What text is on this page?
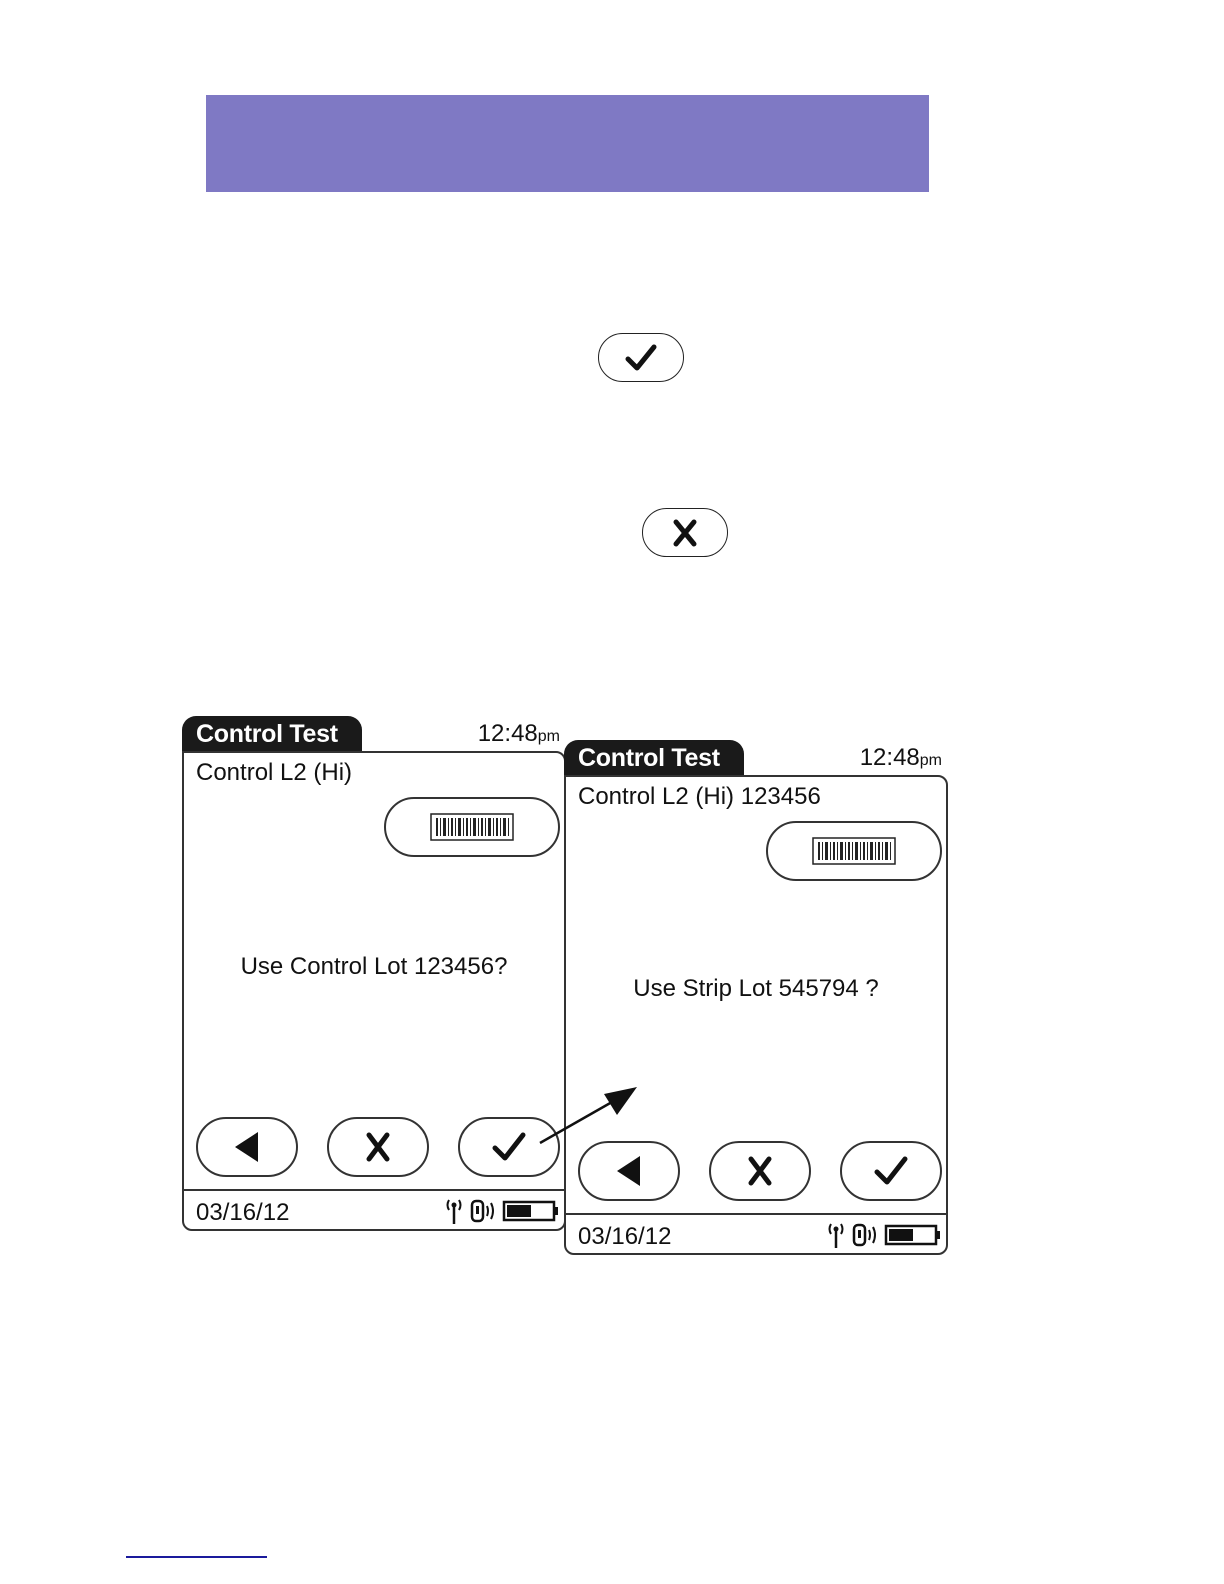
Control Test	12:48pm
Control L2 (Hi)
Use Control Lot 123456?
03/16/12
Control Test	12:48pm
Control L2 (Hi) 123456
Use Strip Lot 545794 ?
03/16/12
